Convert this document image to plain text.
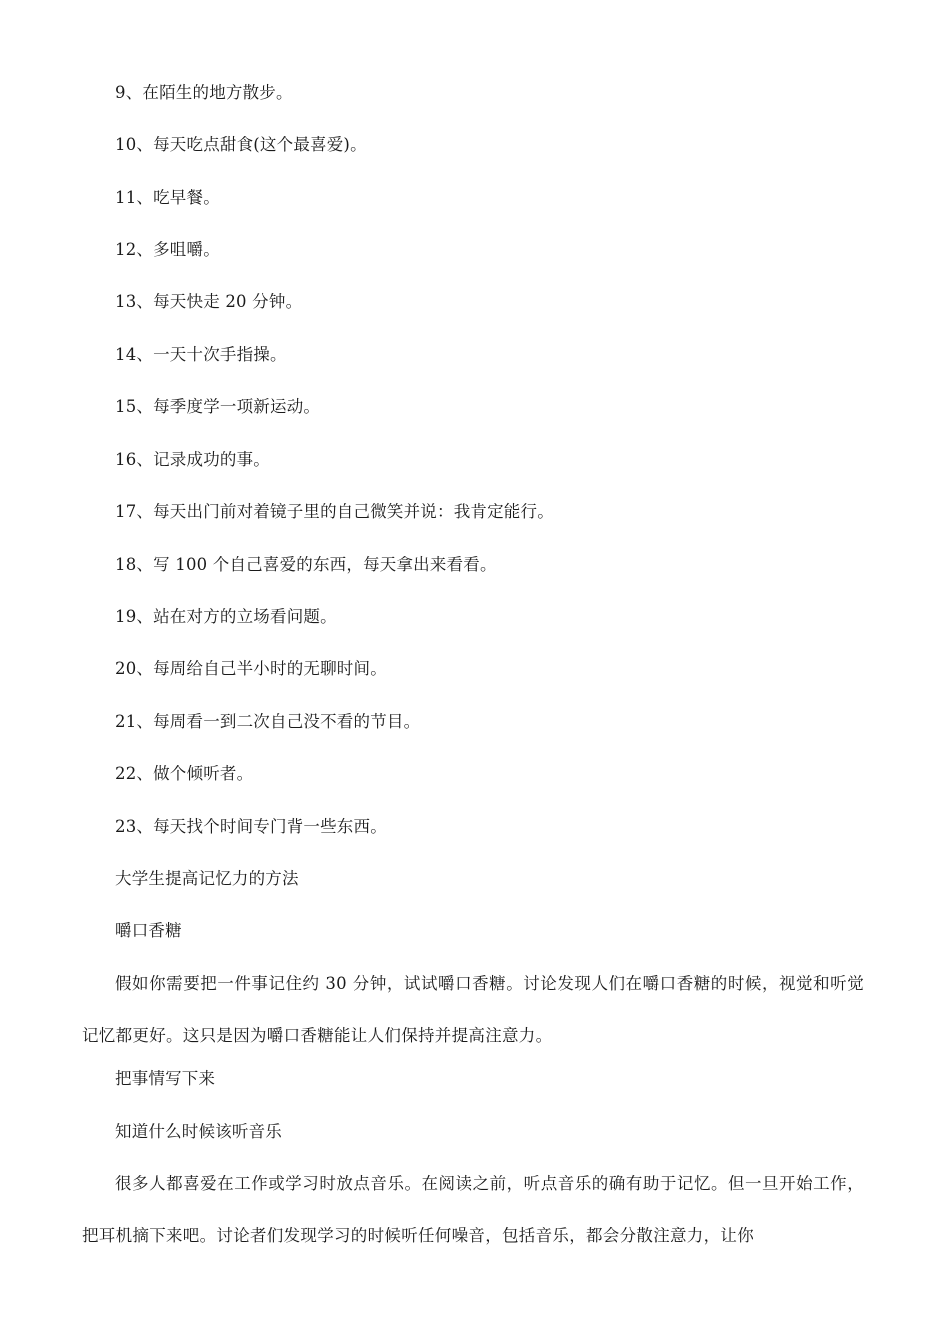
9、在陌生的地方散步。
10、每天吃点甜食(这个最喜爱)。
11、吃早餐。
12、多咀嚼。
13、每天快走 20 分钟。
14、一天十次手指操。
15、每季度学一项新运动。
16、记录成功的事。
17、每天出门前对着镜子里的自己微笑并说：我肯定能行。
18、写 100 个自己喜爱的东西，每天拿出来看看。
19、站在对方的立场看问题。
20、每周给自己半小时的无聊时间。
21、每周看一到二次自己没不看的节目。
22、做个倾听者。
23、每天找个时间专门背一些东西。
大学生提高记忆力的方法
嚼口香糖
假如你需要把一件事记住约 30 分钟，试试嚼口香糖。讨论发现人们在嚼口香糖的时候，视觉和听觉记忆都更好。这只是因为嚼口香糖能让人们保持并提高注意力。
把事情写下来
知道什么时候该听音乐
很多人都喜爱在工作或学习时放点音乐。在阅读之前，听点音乐的确有助于记忆。但一旦开始工作，把耳机摘下来吧。讨论者们发现学习的时候听任何噪音，包括音乐，都会分散注意力，让你
